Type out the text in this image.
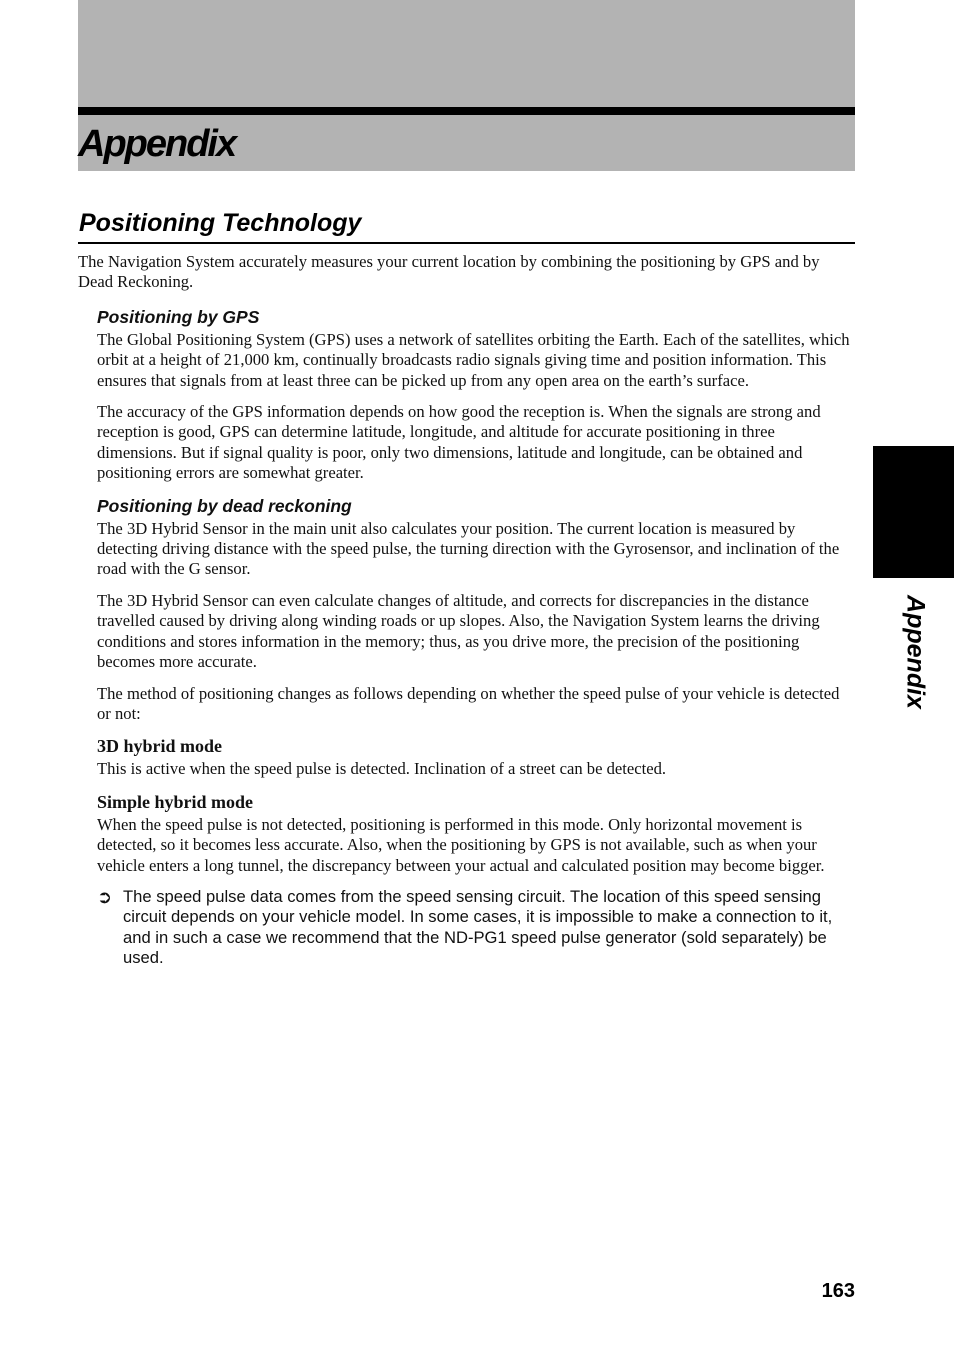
Appendix
Positioning Technology

The Navigation System accurately measures your current location by combining the positioning by GPS and by Dead Reckoning.

Positioning by GPS

The Global Positioning System (GPS) uses a network of satellites orbiting the Earth. Each of the satellites, which orbit at a height of 21,000 km, continually broadcasts radio signals giving time and position information. This ensures that signals from at least three can be picked up from any open area on the earth’s surface.

The accuracy of the GPS information depends on how good the reception is. When the signals are strong and reception is good, GPS can determine latitude, longitude, and altitude for accurate positioning in three dimensions. But if signal quality is poor, only two dimensions, latitude and longitude, can be obtained and positioning errors are somewhat greater.

Positioning by dead reckoning

The 3D Hybrid Sensor in the main unit also calculates your position. The current location is measured by detecting driving distance with the speed pulse, the turning direction with the Gyrosensor, and inclination of the road with the G sensor.

The 3D Hybrid Sensor can even calculate changes of altitude, and corrects for discrepancies in the distance travelled caused by driving along winding roads or up slopes. Also, the Navigation System learns the driving conditions and stores information in the memory; thus, as you drive more, the precision of the positioning becomes more accurate.

The method of positioning changes as follows depending on whether the speed pulse of your vehicle is detected or not:

3D hybrid mode

This is active when the speed pulse is detected. Inclination of a street can be detected.

Simple hybrid mode

When the speed pulse is not detected, positioning is performed in this mode. Only horizontal movement is detected, so it becomes less accurate. Also, when the positioning by GPS is not available, such as when your vehicle enters a long tunnel, the discrepancy between your actual and calculated position may become bigger.

➲ The speed pulse data comes from the speed sensing circuit. The location of this speed sensing circuit depends on your vehicle model. In some cases, it is impossible to make a connection to it, and in such a case we recommend that the ND-PG1 speed pulse generator (sold separately) be used.
Appendix
163
